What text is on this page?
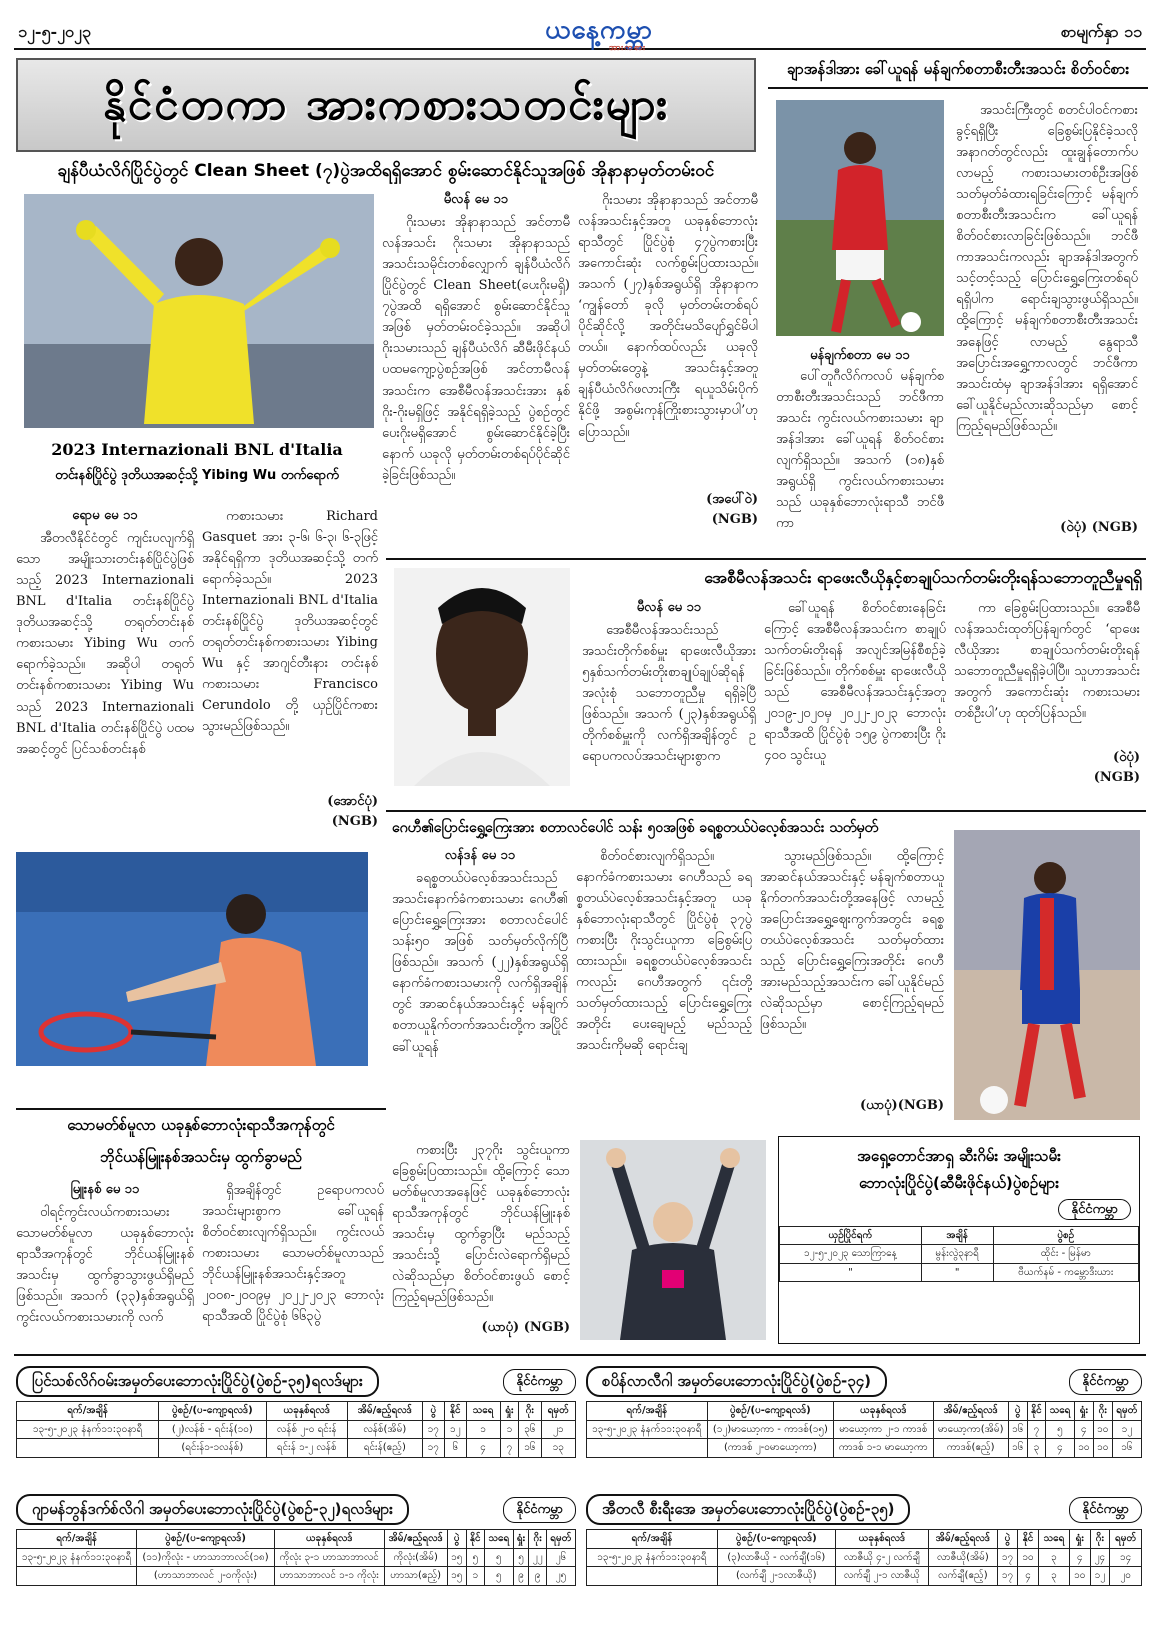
၁၂-၅-၂၀၂၃	ယနေ့ကမ္ဘာ
အားကစား
စာမျက်နှာ ၁၁
နိုင်ငံတကာ အားကစားသတင်းများ
ချန်ပီယံလိဂ်ပြိုင်ပွဲတွင် Clean Sheet (၇)ပွဲအထိရရှိအောင် စွမ်းဆောင်နိုင်သူအဖြစ် အိုနာနာမှတ်တမ်းဝင်
မီလန် မေ ၁၁

ဂိုးသမား အိုနာနာသည် အင်တာမီလန်အသင်း ဂိုးသမား အိုနာနာသည် အသင်းသမိုင်းတစ်လျှောက် ချန်ပီယံလိဂ်ပြိုင်ပွဲတွင် Clean Sheet(ပေးဂိုးမရှိ) ၇ပွဲအထိ ရရှိအောင် စွမ်းဆောင်နိုင်သူအဖြစ် မှတ်တမ်းဝင်ခဲ့သည်။ အဆိုပါဂိုးသမားသည် ချန်ပီယံလိဂ် ဆီမီးဖိုင်နယ် ပထမကျော့ပွဲစဉ်အဖြစ် အင်တာမီလန်အသင်းက အေစီမီလန်အသင်းအား နှစ်ဂိုး-ဂိုးမရှိဖြင့် အနိုင်ရရှိခဲ့သည့် ပွဲစဉ်တွင် ပေးဂိုးမရှိအောင် စွမ်းဆောင်နိုင်ခဲ့ပြီးနောက် ယခုလို မှတ်တမ်းတစ်ရပ်ပိုင်ဆိုင်ခဲ့ခြင်းဖြစ်သည်။

ဂိုးသမား အိုနာနာသည် အင်တာမီလန်အသင်းနှင့်အတူ ယခုနှစ်ဘောလုံးရာသီတွင် ပြိုင်ပွဲစုံ ၄၇ပွဲကစားပြီး အကောင်းဆုံး လက်စွမ်းပြထားသည်။ အသက် (၂၇)နှစ်အရွယ်ရှိ အိုနာနာက ‘ကျွန်တော် ခုလို မှတ်တမ်းတစ်ရပ်ပိုင်ဆိုင်လို့ အတိုင်းမသိပျော်ရွှင်မိပါတယ်။ နောက်ထပ်လည်း ယခုလို မှတ်တမ်းတွေနဲ့ အသင်းနှင့်အတူ ချန်ပီယံလိဂ်ဖလားကြီး ရယူသိမ်းပိုက်နိုင်ဖို့ အစွမ်းကုန်ကြိုးစားသွားမှာပါ’ဟု ပြောသည်။

(အပေါ်ဝဲ)
(NGB)
2023 Internazionali BNL d'Italia
တင်းနစ်ပြိုင်ပွဲ ဒုတိယအဆင့်သို့ Yibing Wu တက်ရောက်
ရောမ မေ ၁၁

အီတလီနိုင်ငံတွင် ကျင်းပလျက်ရှိသော အမျိုးသားတင်းနစ်ပြိုင်ပွဲဖြစ်သည့် 2023 Internazionali BNL d'Italia တင်းနစ်ပြိုင်ပွဲ ဒုတိယအဆင့်သို့ တရုတ်တင်းနစ်ကစားသမား Yibing Wu တက်ရောက်ခဲ့သည်။ အဆိုပါ တရုတ်တင်းနစ်ကစားသမား Yibing Wu သည် 2023 Internazionali BNL d'Italia တင်းနစ်ပြိုင်ပွဲ ပထမအဆင့်တွင် ပြင်သစ်တင်းနစ်

ကစားသမား Richard Gasquet အား ၃-၆၊ ၆-၃၊ ၆-၃ဖြင့် အနိုင်ရရှိကာ ဒုတိယအဆင့်သို့ တက်ရောက်ခဲ့သည်။ 2023 Internazionali BNL d'Italia တင်းနစ်ပြိုင်ပွဲ ဒုတိယအဆင့်တွင် တရုတ်တင်းနစ်ကစားသမား Yibing Wu နှင့် အာဂျင်တီးနား တင်းနစ်ကစားသမား Francisco Cerundolo တို့ ယှဉ်ပြိုင်ကစားသွားမည်ဖြစ်သည်။

(အောင်ပုံ)
(NGB)
ချာအန်ဒါအား ခေါ်ယူရန် မန်ချက်စတာစီးတီးအသင်း စိတ်ဝင်စား
မန်ချက်စတာ မေ ၁၁

ပေါ်တူဂီလိဂ်ကလပ် မန်ချက်စတာစီးတီးအသင်းသည် ဘင်ဖီကာအသင်း ကွင်းလယ်ကစားသမား ချာအန်ဒါအား ခေါ်ယူရန် စိတ်ဝင်စားလျက်ရှိသည်။ အသက် (၁၈)နှစ်အရွယ်ရှိ ကွင်းလယ်ကစားသမားသည် ယခုနှစ်ဘောလုံးရာသီ ဘင်ဖီကာ

အသင်းကြီးတွင် စတင်ပါဝင်ကစားခွင့်ရရှိပြီး ခြေစွမ်းပြနိုင်ခဲ့သလို အနာဂတ်တွင်လည်း ထူးချွန်တောက်ပလာမည့် ကစားသမားတစ်ဦးအဖြစ် သတ်မှတ်ခံထားရခြင်းကြောင့် မန်ချက်စတာစီးတီးအသင်းက ခေါ်ယူရန် စိတ်ဝင်စားလာခြင်းဖြစ်သည်။ ဘင်ဖီကာအသင်းကလည်း ချာအန်ဒါအတွက် သင့်တင့်သည့် ပြောင်းရွှေ့ကြေးတစ်ရပ် ရရှိပါက ရောင်းချသွားဖွယ်ရှိသည်။ ထို့ကြောင့် မန်ချက်စတာစီးတီးအသင်းအနေဖြင့် လာမည့် နွေရာသီအပြောင်းအရွှေ့ကာလတွင် ဘင်ဖီကာအသင်းထံမှ ချာအန်ဒါအား ရရှိအောင် ခေါ်ယူနိုင်မည်လားဆိုသည်မှာ စောင့်ကြည့်ရမည်ဖြစ်သည်။

(ဝဲပုံ) (NGB)
အေစီမီလန်အသင်း ရာဖေးလီယိုနှင့်စာချုပ်သက်တမ်းတိုးရန်သဘောတူညီမှုရရှိ
မီလန် မေ ၁၁

အေစီမီလန်အသင်းသည် အသင်းတိုက်စစ်မှူး ရာဖေးလီယိုအား ၅နှစ်သက်တမ်းတိုးစာချုပ်ချုပ်ဆိုရန် အလုံးစုံ သဘောတူညီမှု ရရှိခဲ့ပြီဖြစ်သည်။ အသက် (၂၃)နှစ်အရွယ်ရှိ တိုက်စစ်မှူးကို လက်ရှိအချိန်တွင် ဥရောပကလပ်အသင်းများစွာက

ခေါ်ယူရန် စိတ်ဝင်စားနေခြင်းကြောင့် အေစီမီလန်အသင်းက စာချုပ်သက်တမ်းတိုးရန် အလျင်အမြန်စီစဉ်ခဲ့ခြင်းဖြစ်သည်။ တိုက်စစ်မှူး ရာဖေးလီယိုသည် အေစီမီလန်အသင်းနှင့်အတူ ၂၀၁၉-၂၀၂၀မှ ၂၀၂၂-၂၀၂၃ ဘောလုံးရာသီအထိ ပြိုင်ပွဲစုံ ၁၅၉ ပွဲကစားပြီး ဂိုး ၄၀ဝ သွင်းယူ

ကာ ခြေစွမ်းပြထားသည်။ အေစီမီလန်အသင်းထုတ်ပြန်ချက်တွင် ‘ရာဖေးလီယိုအား စာချုပ်သက်တမ်းတိုးရန် သဘောတူညီမှုရရှိခဲ့ပါပြီ။ သူဟာအသင်းအတွက် အကောင်းဆုံး ကစားသမားတစ်ဦးပါ’ဟု ထုတ်ပြန်သည်။

(ဝဲပုံ)
(NGB)
ဂေဟီ၏ပြောင်းရွှေ့ကြေးအား စတာလင်ပေါင် သန်း ၅၀အဖြစ် ခရစ္စတယ်ပဲလေ့စ်အသင်း သတ်မှတ်
လန်ဒန် မေ ၁၁

ခရစ္စတယ်ပဲလေ့စ်အသင်းသည် အသင်းနောက်ခံကစားသမား ဂေဟီ၏ ပြောင်းရွှေ့ကြေးအား စတာလင်ပေါင် သန်း၅၀ အဖြစ် သတ်မှတ်လိုက်ပြီဖြစ်သည်။ အသက် (၂၂)နှစ်အရွယ်ရှိ နောက်ခံကစားသမားကို လက်ရှိအချိန်တွင် အာဆင်နယ်အသင်းနှင့် မန်ချက်စတာယူနိုက်တက်အသင်းတို့က အပြိုင်ခေါ်ယူရန်

စိတ်ဝင်စားလျက်ရှိသည်။ နောက်ခံကစားသမား ဂေဟီသည် ခရစ္စတယ်ပဲလေ့စ်အသင်းနှင့်အတူ ယခုနှစ်ဘောလုံးရာသီတွင် ပြိုင်ပွဲစုံ ၃၇ပွဲကစားပြီး ဂိုးသွင်းယူကာ ခြေစွမ်းပြထားသည်။ ခရစ္စတယ်ပဲလေ့စ်အသင်းကလည်း ဂေဟီအတွက် ၎င်းတို့သတ်မှတ်ထားသည့် ပြောင်းရွှေ့ကြေးအတိုင်း ပေးချေမည့် မည်သည့်အသင်းကိုမဆို ရောင်းချ

သွားမည်ဖြစ်သည်။ ထို့ကြောင့် အာဆင်နယ်အသင်းနှင့် မန်ချက်စတာယူနိုက်တက်အသင်းတို့အနေဖြင့် လာမည့်အပြောင်းအရွှေ့ဈေးကွက်အတွင်း ခရစ္စတယ်ပဲလေ့စ်အသင်း သတ်မှတ်ထားသည့် ပြောင်းရွှေ့ကြေးအတိုင်း ဂေဟီအားမည်သည့်အသင်းက ခေါ်ယူနိုင်မည်လဲဆိုသည်မှာ စောင့်ကြည့်ရမည်ဖြစ်သည်။

(ယာပုံ)(NGB)
သောမတ်စ်မူလာ ယခုနှစ်ဘောလုံးရာသီအကုန်တွင်
ဘိုင်ယန်မြူးနစ်အသင်းမှ ထွက်ခွာမည်
မြူးနစ် မေ ၁၁

ဝါရင့်ကွင်းလယ်ကစားသမား သောမတ်စ်မူလာ ယခုနှစ်ဘောလုံးရာသီအကုန်တွင် ဘိုင်ယန်မြူးနစ်အသင်းမှ ထွက်ခွာသွားဖွယ်ရှိမည်ဖြစ်သည်။ အသက် (၃၃)နှစ်အရွယ်ရှိ ကွင်းလယ်ကစားသမားကို လက်

ရှိအချိန်တွင် ဥရောပကလပ်အသင်းများစွာက ခေါ်ယူရန် စိတ်ဝင်စားလျက်ရှိသည်။ ကွင်းလယ်ကစားသမား သောမတ်စ်မူလာသည် ဘိုင်ယန်မြူးနစ်အသင်းနှင့်အတူ ၂၀၀၈-၂၀၀၉မှ ၂၀၂၂-၂၀၂၃ ဘောလုံးရာသီအထိ ပြိုင်ပွဲစုံ ၆၆၃ပွဲ

ကစားပြီး ၂၃၇ဂိုး သွင်းယူကာ ခြေစွမ်းပြထားသည်။ ထို့ကြောင့် သောမတ်စ်မူလာအနေဖြင့် ယခုနှစ်ဘောလုံးရာသီအကုန်တွင် ဘိုင်ယန်မြူးနစ်အသင်းမှ ထွက်ခွာပြီး မည်သည့်အသင်းသို့ ပြောင်းလဲရောက်ရှိမည်လဲဆိုသည်မှာ စိတ်ဝင်စားဖွယ် စောင့်ကြည့်ရမည်ဖြစ်သည်။

(ယာပုံ) (NGB)
အရှေ့တောင်အာရှ ဆီးဂိမ်း အမျိုးသမီး
ဘောလုံးပြိုင်ပွဲ(ဆီမီးဖိုင်နယ်)ပွဲစဉ်များ
နိုင်ငံကမ္ဘာ
ယှဉ်ပြိုင်ရက်	အချိန်	ပွဲစဉ်
၁၂-၅-၂၀၂၃ သောကြာနေ့	မွန်းလွဲ၃နာရီ	ထိုင်း - မြန်မာ
"	"	ဗီယက်နမ် - ကမ္ဘောဒီးယား
ပြင်သစ်လိဂ်ဝမ်းအမှတ်ပေးဘောလုံးပြိုင်ပွဲ(ပွဲစဉ်-၃၅)ရလဒ်များ	နိုင်ငံကမ္ဘာ
ရက်/အချိန်	ပွဲစဉ်/(ပ-ကျော့ရလဒ်)	ယခုနှစ်ရလဒ်	အိမ်/ဧည့်ရလဒ်	ပွဲ	နိုင်	သရေ	ရှုံး	ဂိုး	ရမှတ်
၁၃-၅-၂၀၂၃ နံနက်၁၁:၃၀နာရီ	(၂)လန်စ် - ရင်းန်(၁၀)	လန်စ် ၂-၀ ရင်းန်	လန်စ်(အိမ်)	၁၇	၁၂	၁	၁	၃၆	၂၁
	(ရင်းန်၁-၁လန်စ်)	ရင်းန် ၁-၂ လန်စ်	ရင်းန်(ဧည့်)	၁၇	၆	၄	၇	၁၆	၁၃
စပိန်လာလီဂါ အမှတ်ပေးဘောလုံးပြိုင်ပွဲ(ပွဲစဉ်-၃၄)	နိုင်ငံကမ္ဘာ
ရက်/အချိန်	ပွဲစဉ်/(ပ-ကျော့ရလဒ်)	ယခုနှစ်ရလဒ်	အိမ်/ဧည့်ရလဒ်	ပွဲ	နိုင်	သရေ	ရှုံး	ဂိုး	ရမှတ်
၁၃-၅-၂၀၂၃ နံနက်၁၁:၃၀နာရီ	(၁၂)မာယော့ကာ - ကာဒစ်(၁၅)	မာယော့ကာ ၂-၁ ကာဒစ်	မာယော့ကာ(အိမ်)	၁၆	၇	၅	၄	၁၀	၁၂
	(ကာဒစ် ၂-၀မာယော့ကာ)	ကာဒစ် ၁-၁ မာယော့ကာ	ကာဒစ်(ဧည့်)	၁၆	၃	၄	၁၀	၁၀	၁၆
ဂျာမန်ဘွန်ဒက်စ်လိဂါ အမှတ်ပေးဘောလုံးပြိုင်ပွဲ(ပွဲစဉ်-၃၂)ရလဒ်များ	နိုင်ငံကမ္ဘာ
ရက်/အချိန်	ပွဲစဉ်/(ပ-ကျော့ရလဒ်)	ယခုနှစ်ရလဒ်	အိမ်/ဧည့်ရလဒ်	ပွဲ	နိုင်	သရေ	ရှုံး	ဂိုး	ရမှတ်
၁၃-၅-၂၀၂၃ နံနက်၁၁:၃၀နာရီ	(၁၁)ကိုလုံး - ဟာသာဘာလင်(၁၈)	ကိုလုံး ၃-၁ ဟာသာဘာလင်	ကိုလုံး(အိမ်)	၁၅	၅	၅	၅	၂၂	၂၆
	(ဟာသာဘာလင် ၂-၀ကိုလုံး)	ဟာသာဘာလင် ၁-၁ ကိုလုံး	ဟာသာ(ဧည့်)	၁၅	၁	၅	၉	၉	၂၅
အီတလီ စီးရီးအေ အမှတ်ပေးဘောလုံးပြိုင်ပွဲ(ပွဲစဉ်-၃၅)	နိုင်ငံကမ္ဘာ
ရက်/အချိန်	ပွဲစဉ်/(ပ-ကျော့ရလဒ်)	ယခုနှစ်ရလဒ်	အိမ်/ဧည့်ရလဒ်	ပွဲ	နိုင်	သရေ	ရှုံး	ဂိုး	ရမှတ်
၁၃-၅-၂၀၂၃ နံနက်၁၁:၃၀နာရီ	(၃)လာဇီယို - လက်ချီ(၁၆)	လာဇီယို ၄-၂ လက်ချီ	လာဇီယို(အိမ်)	၁၇	၁၀	၃	၄	၂၄	၁၄
	(လက်ချီ ၂-၁လာဇီယို)	လက်ချီ ၂-၁ လာဇီယို	လက်ချီ(ဧည့်)	၁၇	၄	၃	၁၀	၁၂	၂၀
